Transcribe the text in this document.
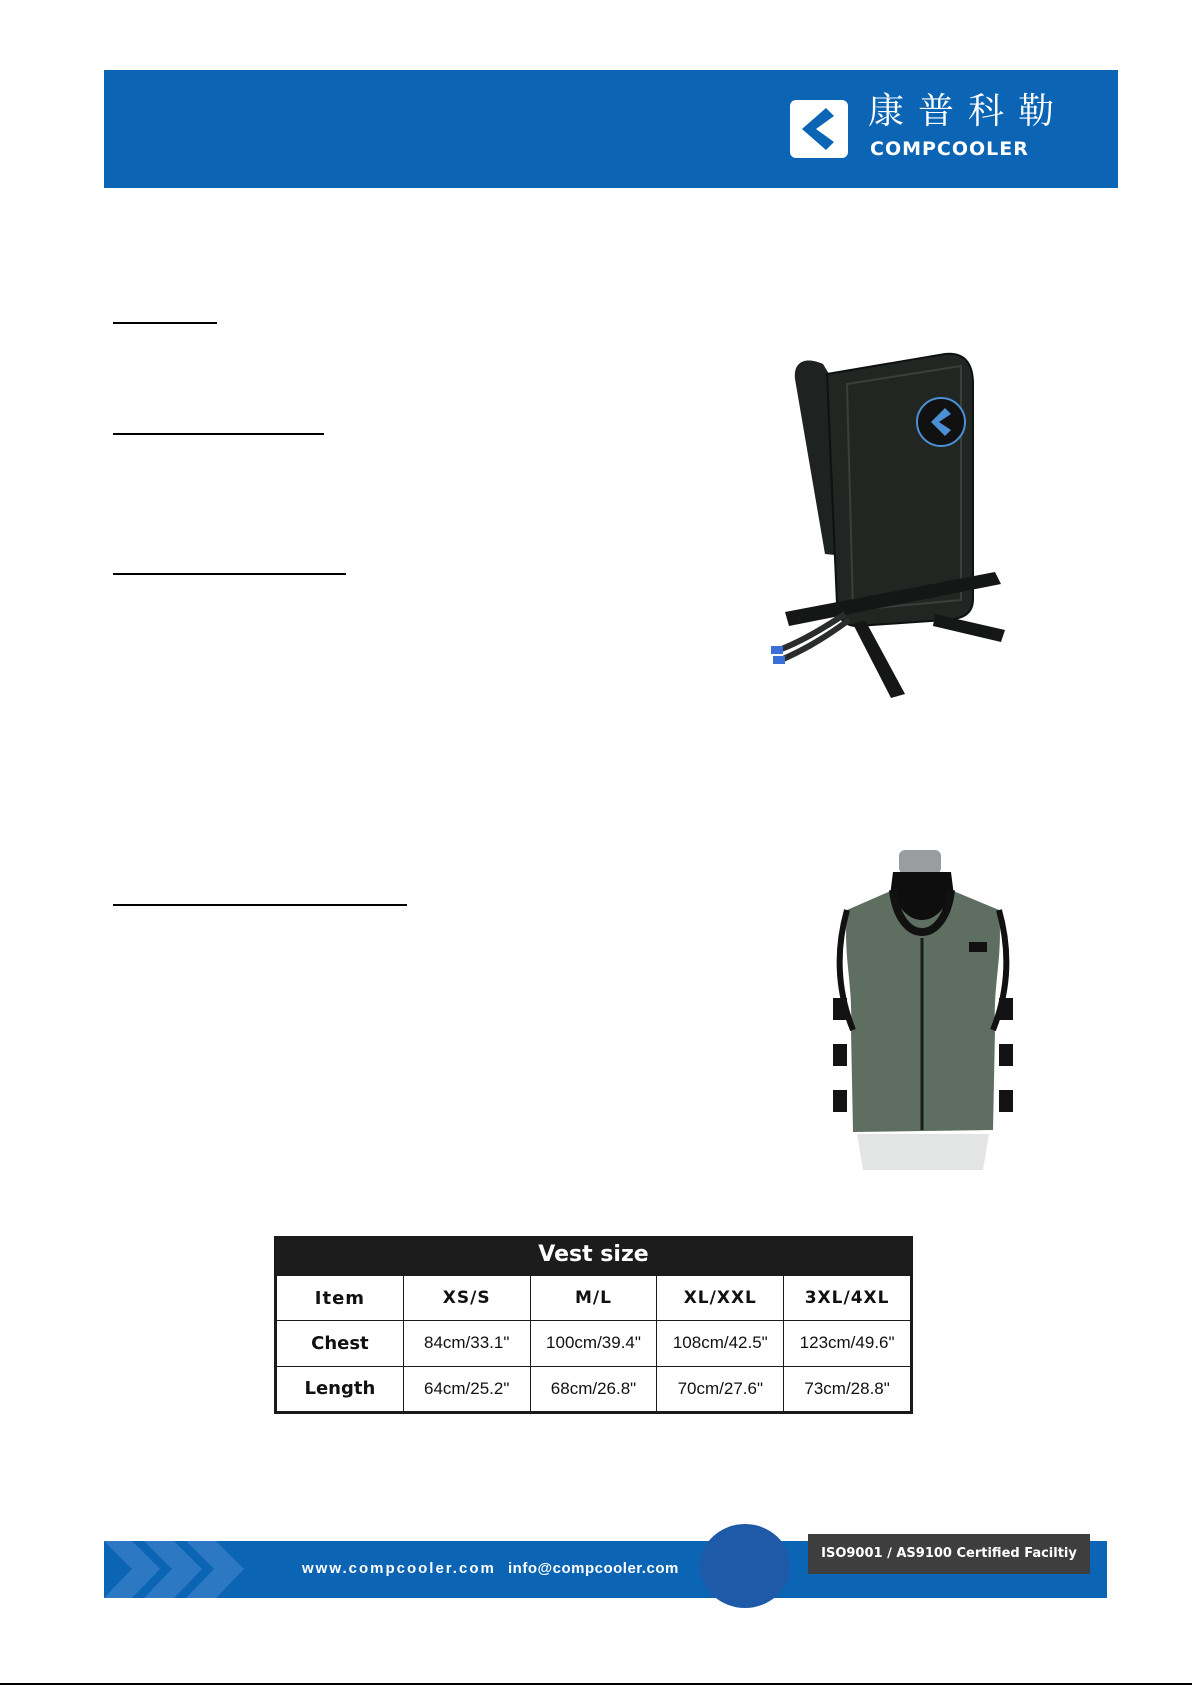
康普科勒
COMPCOOLER
Vest size
Item	XS/S	M/L	XL/XXL	3XL/4XL
Chest	84cm/33.1"	100cm/39.4"	108cm/42.5"	123cm/49.6"
Length	64cm/25.2"	68cm/26.8"	70cm/27.6"	73cm/28.8"
www.compcooler.com info@compcooler.com
ISO9001 ∕ AS9100 Certified Faciltiy
